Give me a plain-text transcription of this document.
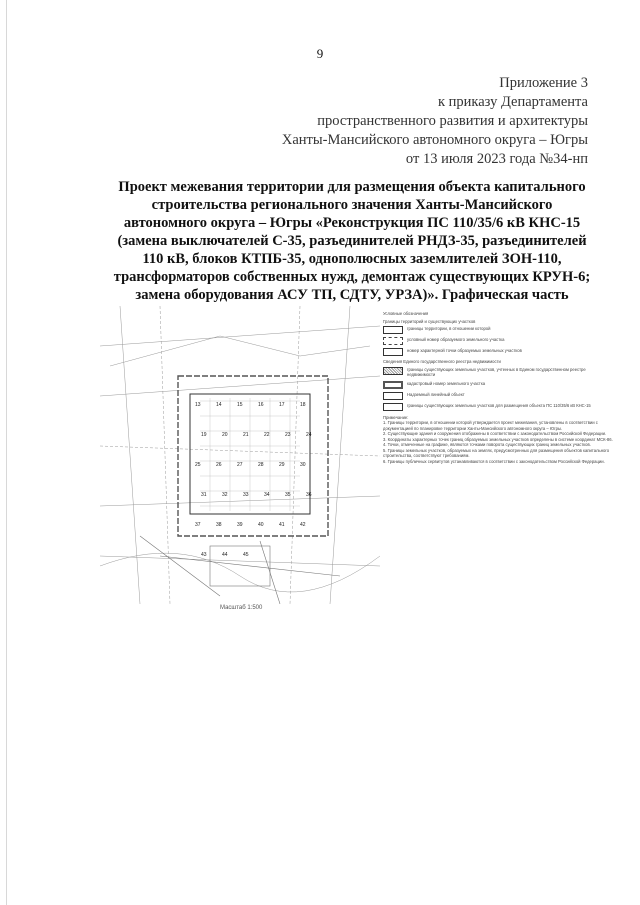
9
Приложение 3
к приказу Департамента
пространственного развития и архитектуры
Ханты-Мансийского автономного округа – Югры
от 13 июля 2023 года №34-нп
Проект межевания территории для размещения объекта капитального
строительства регионального значения Ханты-Мансийского
автономного округа – Югры «Реконструкция ПС 110/35/6 кВ КНС-15
(замена выключателей С-35, разъединителей РНДЗ-35, разъединителей
110 кВ, блоков КТПБ-35, однополюсных заземлителей ЗОН-110,
трансформаторов собственных нужд, демонтаж существующих КРУН-6;
замена оборудования АСУ ТП, СДТУ, УРЗА)». Графическая часть
13	14	15	16	17	18
19	20	21	22	23	24
25	26	27	28	29	30
31	32	33	34	35	36
37	38	39	40	41	42
43	44	45
Масштаб 1:500
Условные обозначения
Границы территорий и существующих участков
границы территории, в отношении которой
условный номер образуемого земельного участка
номер характерной точки образуемых земельных участков
Сведения Единого государственного реестра недвижимости
границы существующих земельных участков, учтенных в Едином государственном реестре недвижимости
кадастровый номер земельного участка
Надземный линейный объект
границы существующих земельных участков для размещения объекта ПС 110/35/6 кВ КНС-15
Примечание:

1. Границы территории, в отношении которой утверждается проект межевания, установлены в соответствии с документацией по планировке территории Ханты-Мансийского автономного округа – Югры.

2. Существующие здания и сооружения отображены в соответствии с законодательством Российской Федерации.

3. Координаты характерных точек границ образуемых земельных участков определены в системе координат МСК-86.

4. Точки, отмеченные на графике, являются точками поворота существующих границ земельных участков.

5. Границы земельных участков, образуемых на землях, предусмотренных для размещения объектов капитального строительства, соответствуют требованиям.

6. Границы публичных сервитутов устанавливаются в соответствии с законодательством Российской Федерации.
